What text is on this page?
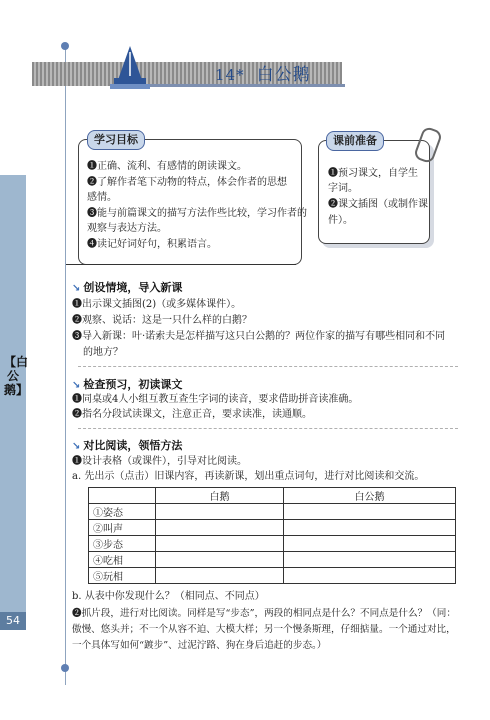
【白公鹅】
54
14* 白公鹅
学习目标
❶正确、流利、有感情的朗读课文。
❷了解作者笔下动物的特点，体会作者的思想
感情。
❸能与前篇课文的描写方法作些比较，学习作者的
观察与表达方法。
❹读记好词好句，积累语言。
课前准备
❶预习课文，自学生
字词。
❷课文插图（或制作课
件）。
↘ 创设情境，导入新课
❶出示课文插图(2)（或多媒体课件）。
❷观察、说话：这是一只什么样的白鹅？
❸导入新课：叶·诺索夫是怎样描写这只白公鹅的？两位作家的描写有哪些相同和不同
的地方？
↘ 检查预习，初读课文
❶同桌或4人小组互教互查生字词的读音，要求借助拼音读准确。
❷指名分段试读课文，注意正音，要求读准，读通顺。
↘ 对比阅读，领悟方法
❶设计表格（或课件），引导对比阅读。
a. 先出示（点击）旧课内容，再读新课，划出重点词句，进行对比阅读和交流。
	白鹅	白公鹅
①姿态		
②叫声		
③步态		
④吃相		
⑤玩相		
b. 从表中你发现什么？（相同点、不同点）
❷抓片段，进行对比阅读。同样是写“步态”，两段的相同点是什么？不同点是什么？（同：
傲慢、悠头并；不一个从容不迫、大模大样；另一个慢条斯理，仔细掂量。一个通过对比，
一个具体写如何“踱步”、过泥泞路、狗在身后追赶的步态。）
